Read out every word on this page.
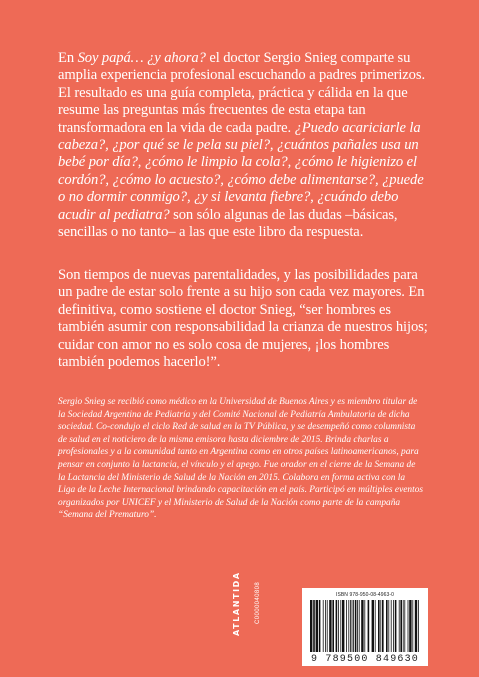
En Soy papá… ¿y ahora? el doctor Sergio Snieg comparte su amplia experiencia profesional escuchando a padres primerizos. El resultado es una guía completa, práctica y cálida en la que resume las preguntas más frecuentes de esta etapa tan transformadora en la vida de cada padre. ¿Puedo acariciarle la cabeza?, ¿por qué se le pela su piel?, ¿cuántos pañales usa un bebé por día?, ¿cómo le limpio la cola?, ¿cómo le higienizo el cordón?, ¿cómo lo acuesto?, ¿cómo debe alimentarse?, ¿puede o no dormir conmigo?, ¿y si levanta fiebre?, ¿cuándo debo acudir al pediatra? son sólo algunas de las dudas –básicas, sencillas o no tanto– a las que este libro da respuesta.

Son tiempos de nuevas parentalidades, y las posibilidades para un padre de estar solo frente a su hijo son cada vez mayores. En definitiva, como sostiene el doctor Snieg, “ser hombres es también asumir con responsabilidad la crianza de nuestros hijos; cuidar con amor no es solo cosa de mujeres, ¡los hombres también podemos hacerlo!”.

Sergio Snieg se recibió como médico en la Universidad de Buenos Aires y es miembro titular de la Sociedad Argentina de Pediatría y del Comité Nacional de Pediatría Ambulatoria de dicha sociedad. Co-condujo el ciclo Red de salud en la TV Pública, y se desempeñó como columnista de salud en el noticiero de la misma emisora hasta diciembre de 2015. Brinda charlas a profesionales y a la comunidad tanto en Argentina como en otros países latinoamericanos, para pensar en conjunto la lactancia, el vínculo y el apego. Fue orador en el cierre de la Semana de la Lactancia del Ministerio de Salud de la Nación en 2015. Colabora en forma activa con la Liga de la Leche Internacional brindando capacitación en el país. Participó en múltiples eventos organizados por UNICEF y el Ministerio de Salud de la Nación como parte de la campaña “Semana del Prematuro”.

C0000040808
ATLANTIDA	ISBN 978-950-08-4963-0
9 789500 849630
